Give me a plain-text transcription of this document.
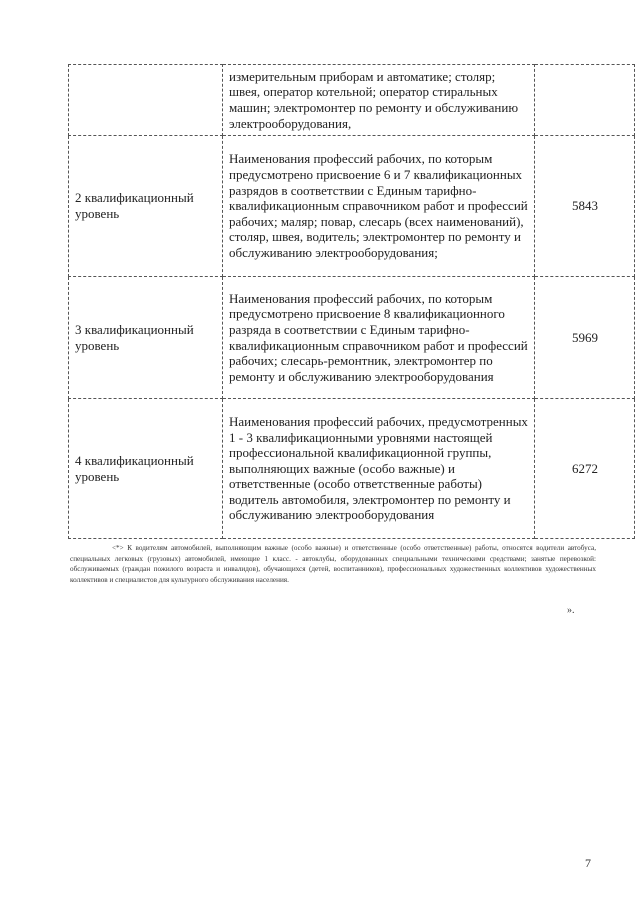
	измерительным приборам и автоматике; столяр; швея, оператор котельной; оператор стиральных машин; электромонтер по ремонту и обслуживанию электрооборудования,	
2 квалификационный уровень	Наименования профессий рабочих, по которым предусмотрено присвоение 6 и 7 квалификационных разрядов в соответствии с Единым тарифно-квалификационным справочником работ и профессий рабочих; маляр; повар, слесарь (всех наименований), столяр, швея, водитель; электромонтер по ремонту и обслуживанию электрооборудования;	5843
3 квалификационный уровень	Наименования профессий рабочих, по которым предусмотрено присвоение 8 квалификационного разряда в соответствии с Единым тарифно-квалификационным справочником работ и профессий рабочих; слесарь-ремонтник, электромонтер по ремонту и обслуживанию электрооборудования	5969
4 квалификационный уровень	Наименования профессий рабочих, предусмотренных 1 - 3 квалификационными уровнями настоящей профессиональной квалификационной группы, выполняющих важные (особо важные) и ответственные (особо ответственные работы) водитель автомобиля, электромонтер по ремонту и обслуживанию электрооборудования	6272
<*> К водителям автомобилей, выполняющим важные (особо важные) и ответственные (особо ответственные) работы, относятся водители автобуса, специальных легковых (грузовых) автомобилей, имеющие 1 класс. - автоклубы, оборудованных специальными техническими средствами; занятые перевозкой: обслуживаемых (граждан пожилого возраста и инвалидов), обучающихся (детей, воспитанников), профессиональных художественных коллективов художественных коллективов и специалистов для культурного обслуживания населения.
».
7
